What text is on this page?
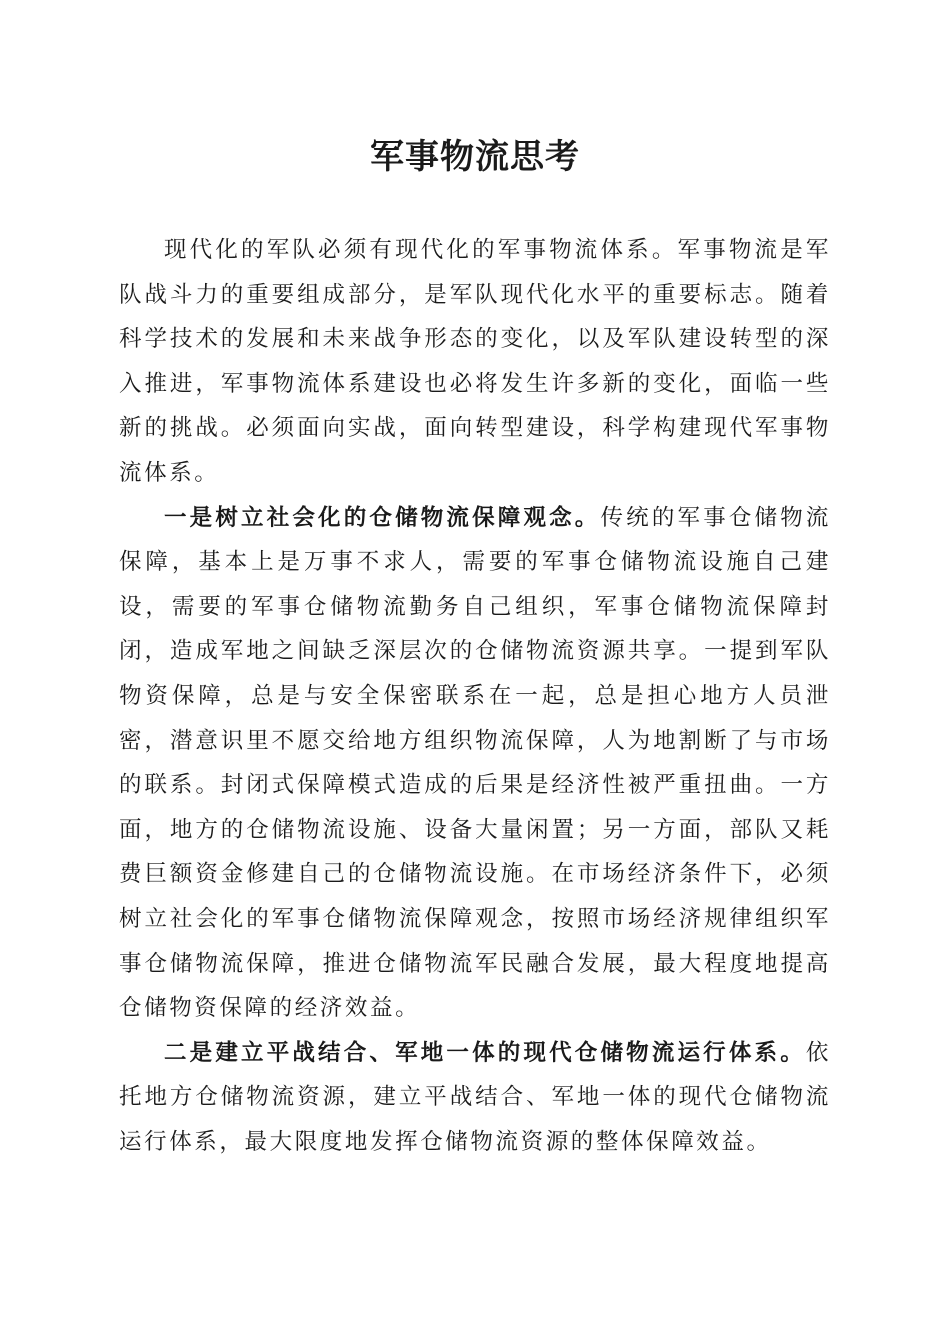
军事物流思考

现代化的军队必须有现代化的军事物流体系。军事物流是军队战斗力的重要组成部分，是军队现代化水平的重要标志。随着科学技术的发展和未来战争形态的变化，以及军队建设转型的深入推进，军事物流体系建设也必将发生许多新的变化，面临一些新的挑战。必须面向实战，面向转型建设，科学构建现代军事物流体系。

一是树立社会化的仓储物流保障观念。传统的军事仓储物流保障，基本上是万事不求人，需要的军事仓储物流设施自己建设，需要的军事仓储物流勤务自己组织，军事仓储物流保障封闭，造成军地之间缺乏深层次的仓储物流资源共享。一提到军队物资保障，总是与安全保密联系在一起，总是担心地方人员泄密，潜意识里不愿交给地方组织物流保障，人为地割断了与市场的联系。封闭式保障模式造成的后果是经济性被严重扭曲。一方面，地方的仓储物流设施、设备大量闲置；另一方面，部队又耗费巨额资金修建自己的仓储物流设施。在市场经济条件下，必须树立社会化的军事仓储物流保障观念，按照市场经济规律组织军事仓储物流保障，推进仓储物流军民融合发展，最大程度地提高仓储物资保障的经济效益。

二是建立平战结合、军地一体的现代仓储物流运行体系。依托地方仓储物流资源，建立平战结合、军地一体的现代仓储物流运行体系，最大限度地发挥仓储物流资源的整体保障效益。
